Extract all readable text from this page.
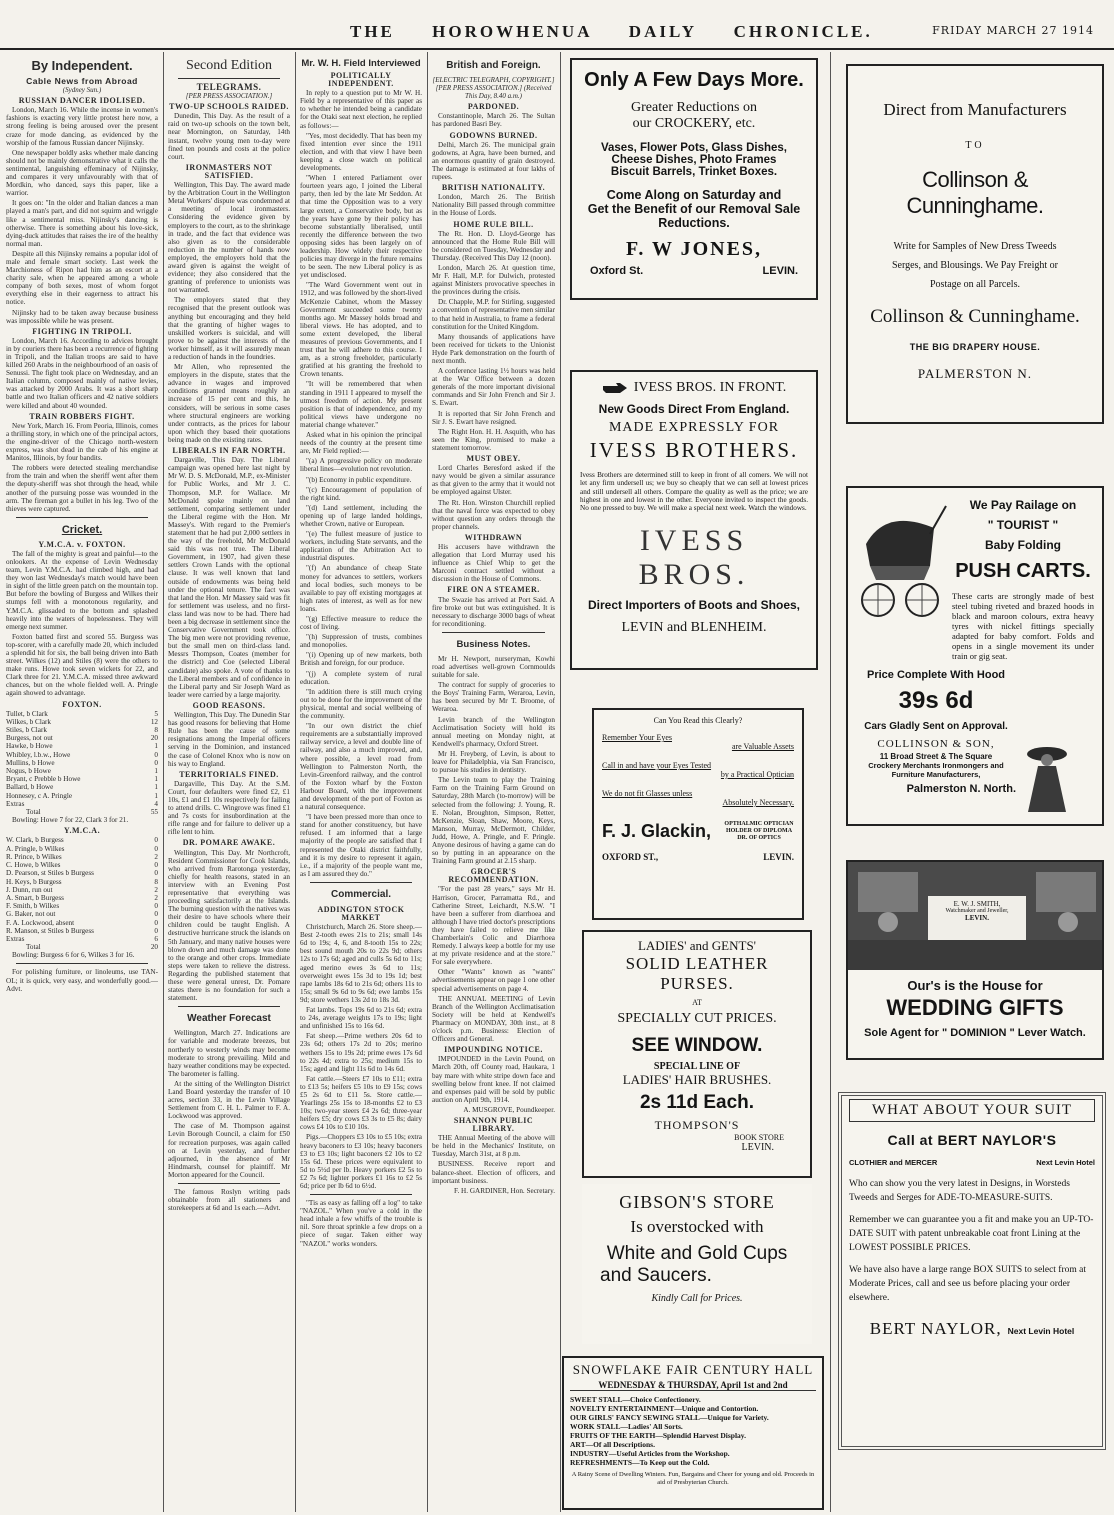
THE HOROWHENUA DAILY CHRONICLE.	FRIDAY MARCH 27 1914
By Independent.
Cable News from Abroad
(Sydney Sun.)
RUSSIAN DANCER IDOLISED.

London, March 16. While the incense in women's fashions is exacting very little protest here now, a strong feeling is being aroused over the present craze for mode dancing, as evidenced by the worship of the famous Russian dancer Nijinsky.

One newspaper boldly asks whether male dancing should not be mainly demonstrative what it calls the sentimental, languishing effeminacy of Nijinsky, and compares it very unfavourably with that of Mordkin, who danced, says this paper, like a warrior.

It goes on: "In the older and Italian dances a man played a man's part, and did not squirm and wriggle like a sentimental miss. Nijinsky's dancing is otherwise. There is something about his love-sick, dying-duck attitudes that raises the ire of the healthy normal man.

Despite all this Nijinsky remains a popular idol of male and female smart society. Last week the Marchioness of Ripon had him as an escort at a charity sale, when he appeared among a whole company of both sexes, most of whom forgot everything else in their eagerness to attract his notice.

Nijinsky had to be taken away because business was impossible while he was present.

FIGHTING IN TRIPOLI.

London, March 16. According to advices brought in by couriers there has been a recurrence of fighting in Tripoli, and the Italian troops are said to have killed 260 Arabs in the neighbourhood of an oasis of Senussi. The fight took place on Wednesday, and an Italian column, composed mainly of native levies, was attacked by 2000 Arabs. It was a short sharp battle and two Italian officers and 42 native soldiers were killed and about 40 wounded.

TRAIN ROBBERS FIGHT.

New York, March 16. From Peoria, Illinois, comes a thrilling story, in which one of the principal actors, the engine-driver of the Chicago north-western express, was shot dead in the cab of his engine at Manitos, Illinois, by four bandits.

The robbers were detected stealing merchandise from the train and when the sheriff went after them the deputy-sheriff was shot through the head, while another of the pursuing posse was wounded in the arm. The fireman got a bullet in his leg. Two of the thieves were captured.

Cricket.
Y.M.C.A. v. FOXTON.

The fall of the mighty is great and painful—to the onlookers. At the expense of Levin Wednesday team, Levin Y.M.C.A. had climbed high, and had they won last Wednesday's match would have been in sight of the little green patch on the mountain top. But before the bowling of Burgess and Wilkes their stumps fell with a monotonous regularity, and Y.M.C.A. glissaded to the bottom and splashed heavily into the waters of hopelessness. They will emerge next summer.

Foxton batted first and scored 55. Burgess was top-scorer, with a carefully made 20, which included a splendid hit for six, the ball being driven into Bath street. Wilkes (12) and Stiles (8) were the others to make runs. Howe took seven wickets for 22, and Clark three for 21. Y.M.C.A. missed three awkward chances, but on the whole fielded well. A. Pringle again showed to advantage.

FOXTON.
Tullet, b Clark	5
Wilkes, b Clark	12
Stiles, b Clark	8
Burgess, not out	20
Hawke, b Howe	1
Whibley, l.b.w., Howe	0
Mullins, b Howe	0
Nogus, b Howe	1
Bryant, c Prebble b Howe	1
Ballard, b Howe	1
Honnesey, c A. Pringle	1
Extras	4
Total	55

Bowling: Howe 7 for 22, Clark 3 for 21.

Y.M.C.A.
W. Clark, b Burgess	0
A. Pringle, b Wilkes	0
R. Prince, b Wilkes	2
C. Howe, b Wilkes	0
D. Pearson, st Stiles b Burgess	0
H. Keys, b Burgess	8
J. Dunn, run out	2
A. Smart, b Burgess	2
F. Smith, b Wilkes	0
G. Baker, not out	0
F. A. Lockwood, absent	0
R. Manson, st Stiles b Burgess	0
Extras	6
Total	20

Bowling: Burgess 6 for 6, Wilkes 3 for 16.

For polishing furniture, or linoleums, use TAN-OL; it is quick, very easy, and wonderfully good.—Advt.

Second Edition
TELEGRAMS.
[PER PRESS ASSOCIATION.]
TWO-UP SCHOOLS RAIDED.

Dunedin, This Day. As the result of a raid on two-up schools on the town belt, near Mornington, on Saturday, 14th instant, twelve young men to-day were fined ten pounds and costs at the police court.

IRONMASTERS NOT SATISFIED.

Wellington, This Day. The award made by the Arbitration Court in the Wellington Metal Workers' dispute was condemned at a meeting of local ironmasters. Considering the evidence given by employers to the court, as to the shrinkage in trade, and the fact that evidence was also given as to the considerable reduction in the number of hands now employed, the employers hold that the award given is against the weight of evidence; they also considered that the granting of preference to unionists was not warranted.

The employers stated that they recognised that the present outlook was anything but encouraging and they held that the granting of higher wages to unskilled workers is suicidal, and will prove to be against the interests of the worker himself, as it will assuredly mean a reduction of hands in the foundries.

Mr Allen, who represented the employers in the dispute, states that the advance in wages and improved conditions granted means roughly an increase of 15 per cent and this, he considers, will be serious in some cases where structural engineers are working under contracts, as the prices for labour upon which they based their quotations being made on the existing rates.

LIBERALS IN FAR NORTH.

Dargaville, This Day. The Liberal campaign was opened here last night by Mr W. D. S. McDonald, M.P., ex-Minister for Public Works, and Mr J. C. Thompson, M.P. for Wallace. Mr McDonald spoke mainly on land settlement, comparing settlement under the Liberal regime with the Hon. Mr Massey's. With regard to the Premier's statement that he had put 2,000 settlers in the way of the freehold, Mr McDonald said this was not true. The Liberal Government, in 1907, had given these settlers Crown Lands with the optional clause. It was well known that land outside of endowments was being held under the optional tenure. The fact was that land the Hon. Mr Massey said was fit for settlement was useless, and no first-class land was now to be had. There had been a big decrease in settlement since the Conservative Government took office. The big men were not providing revenue, but the small men on third-class land. Messrs Thompson, Coates (member for the district) and Coe (selected Liberal candidate) also spoke. A vote of thanks to the Liberal members and of confidence in the Liberal party and Sir Joseph Ward as leader were carried by a large majority.

GOOD REASONS.

Wellington, This Day. The Dunedin Star has good reasons for believing that Home Rule has been the cause of some resignations among the Imperial officers serving in the Dominion, and instanced the case of Colonel Knox who is now on his way to England.

TERRITORIALS FINED.

Dargaville, This Day. At the S.M. Court, four defaulters were fined £2, £1 10s, £1 and £1 10s respectively for failing to attend drills. C. Wingrove was fined £1 and 7s costs for insubordination at the rifle range and for failure to deliver up a rifle lent to him.

DR. POMARE AWAKE.

Wellington, This Day. Mr Northcroft, Resident Commissioner for Cook Islands, who arrived from Rarotonga yesterday, chiefly for health reasons, stated in an interview with an Evening Post representative that everything was proceeding satisfactorily at the Islands. The burning question with the natives was their desire to have schools where their children could be taught English. A destructive hurricane struck the islands on 5th January, and many native houses were blown down and much damage was done to the orange and other crops. Immediate steps were taken to relieve the distress. Regarding the published statement that these were general unrest, Dr. Pomare states there is no foundation for such a statement.

Weather Forecast

Wellington, March 27. Indications are for variable and moderate breezes, but northerly to westerly winds may become moderate to strong prevailing. Mild and hazy weather conditions may be expected. The barometer is falling.

At the sitting of the Wellington District Land Board yesterday the transfer of 10 acres, section 33, in the Levin Village Settlement from C. H. L. Palmer to F. A. Lockwood was approved.

The case of M. Thompson against Levin Borough Council, a claim for £50 for recreation purposes, was again called on at Levin yesterday, and further adjourned, in the absence of Mr Hindmarsh, counsel for plaintiff. Mr Morton appeared for the Council.

The famous Roslyn writing pads obtainable from all stationers and storekeepers at 6d and 1s each.—Advt.

Mr. W. H. Field Interviewed
POLITICALLY INDEPENDENT.

In reply to a question put to Mr W. H. Field by a representative of this paper as to whether he intended being a candidate for the Otaki seat next election, he replied as follows:—

"Yes, most decidedly. That has been my fixed intention ever since the 1911 election, and with that view I have been keeping a close watch on political developments.

"When I entered Parliament over fourteen years ago, I joined the Liberal party, then led by the late Mr Seddon. At that time the Opposition was to a very large extent, a Conservative body, but as the years have gone by their policy has become substantially liberalised, until recently the difference between the two opposing sides has been largely on of leadership. How widely their respective policies may diverge in the future remains to be seen. The new Liberal policy is as yet undisclosed.

"The Ward Government went out in 1912, and was followed by the short-lived McKenzie Cabinet, whom the Massey Government succeeded some twenty months ago. Mr Massey holds broad and liberal views. He has adopted, and to some extent developed, the liberal measures of previous Governments, and I trust that he will adhere to this course. I am, as a strong freeholder, particularly gratified at his granting the freehold to Crown tenants.

"It will be remembered that when standing in 1911 I appeared to myself the utmost freedom of action. My present position is that of independence, and my political views have undergone no material change whatever."

Asked what in his opinion the principal needs of the country at the present time are, Mr Field replied:—

"(a) A progressive policy on moderate liberal lines—evolution not revolution.

"(b) Economy in public expenditure.

"(c) Encouragement of population of the right kind.

"(d) Land settlement, including the opening up of large landed holdings, whether Crown, native or European.

"(e) The fullest measure of justice to workers, including State servants, and the application of the Arbitration Act to industrial disputes.

"(f) An abundance of cheap State money for advances to settlers, workers and local bodies, such moneys to be available to pay off existing mortgages at high rates of interest, as well as for new loans.

"(g) Effective measure to reduce the cost of living.

"(h) Suppression of trusts, combines and monopolies.

"(i) Opening up of new markets, both British and foreign, for our produce.

"(j) A complete system of rural education.

"In addition there is still much crying out to be done for the improvement of the physical, mental and social wellbeing of the community.

"In our own district the chief requirements are a substantially improved railway service, a level and double line of railway, and also a much improved, and, where possible, a level road from Wellington to Palmerston North, the Levin-Greenford railway, and the control of the Foxton wharf by the Foxton Harbour Board, with the improvement and development of the port of Foxton as a natural consequence.

"I have been pressed more than once to stand for another constituency, but have refused. I am informed that a large majority of the people are satisfied that I represented the Otaki district faithfully, and it is my desire to represent it again, i.e., if a majority of the people want me, as I am assured they do."

Commercial.
ADDINGTON STOCK MARKET

Christchurch, March 26. Store sheep.—Best 2-tooth ewes 21s to 21s; small 14s 6d to 19s; 4, 6, and 8-tooth 15s to 22s; best sound mouth 20s to 22s 9d; others 12s to 17s 6d; aged and culls 5s 6d to 11s; aged merino ewes 3s 6d to 11s; overweight ewes 15s 3d to 19s 1d; best rape lambs 18s 6d to 21s 6d; others 11s to 15s; small 9s 6d to 9s 6d; ewe lambs 15s 9d; store wethers 13s 2d to 18s 3d.

Fat lambs. Tops 19s 6d to 21s 6d; extra to 24s, average weights 17s to 19s; light and unfinished 15s to 16s 6d.

Fat sheep.—Prime wethers 20s 6d to 23s 6d; others 17s 2d to 20s; merino wethers 15s to 19s 2d; prime ewes 17s 6d to 22s 4d; extra to 25s; medium 15s to 15s; aged and light 11s 6d to 14s 6d.

Fat cattle.—Steers £7 10s to £11; extra to £13 5s; heifers £5 10s to £9 15s; cows £5 2s 6d to £11 5s. Store cattle.—Yearlings 25s 15s to 18-months £2 to £3 10s; two-year steers £4 2s 6d; three-year heifers £5; dry cows £3 3s to £5 8s; dairy cows £4 10s to £10 10s.

Pigs.—Choppers £3 10s to £5 10s; extra heavy baconers to £3 10s; heavy baconers £3 to £3 10s; light baconers £2 10s to £2 15s 6d. These prices were equivalent to 5d to 5½d per lb. Heavy porkers £2 5s to £2 7s 6d; lighter porkers £1 16s to £2 5s 6d; price per lb 6d to 6½d.

"Tis as easy as falling off a log" to take "NAZOL." When you've a cold in the head inhale a few whiffs of the trouble is nil. Sore throat sprinkle a few drops on a piece of sugar. Taken either way "NAZOL" works wonders.

British and Foreign.
[ELECTRIC TELEGRAPH, COPYRIGHT.] [PER PRESS ASSOCIATION.] (Received This Day, 8.40 a.m.)
PARDONED.

Constantinople, March 26. The Sultan has pardoned Basri Bey.

GODOWNS BURNED.

Delhi, March 26. The municipal grain godowns, at Agra, have been burned, and an enormous quantity of grain destroyed. The damage is estimated at four lakhs of rupees.

BRITISH NATIONALITY.

London, March 26. The British Nationality Bill passed through committee in the House of Lords.

HOME RULE BILL.

The Rt. Hon. D. Lloyd-George has announced that the Home Rule Bill will be considered on Tuesday, Wednesday and Thursday. (Received This Day 12 (noon).

London, March 26. At question time, Mr F. Hall, M.P. for Dulwich, protested against Ministers provocative speeches in the provinces during the crisis.

Dr. Chapple, M.P. for Stirling, suggested a convention of representative men similar to that held in Australia, to frame a federal constitution for the United Kingdom.

Many thousands of applications have been received for tickets to the Unionist Hyde Park demonstration on the fourth of next month.

A conference lasting 1½ hours was held at the War Office between a dozen generals of the more important divisional commands and Sir John French and Sir J. S. Ewart.

It is reported that Sir John French and Sir J. S. Ewart have resigned.

The Right Hon. H. H. Asquith, who has seen the King, promised to make a statement tomorrow.

MUST OBEY.

Lord Charles Beresford asked if the navy would be given a similar assurance as that given to the army that it would not be employed against Ulster.

The Rt. Hon. Winston Churchill replied that the naval force was expected to obey without question any orders through the proper channels.

WITHDRAWN

His accusers have withdrawn the allegation that Lord Murray used his influence as Chief Whip to get the Marconi contract settled without a discussion in the House of Commons.

FIRE ON A STEAMER.

The Swazie has arrived at Port Said. A fire broke out but was extinguished. It is necessary to discharge 3000 bags of wheat for reconditioning.

Business Notes.

Mr H. Newport, nurseryman, Kowhi road advertises well-grown Cornmoulds suitable for sale.

The contract for supply of groceries to the Boys' Training Farm, Weraroa, Levin, has been secured by Mr T. Broome, of Weraroa.

Levin branch of the Wellington Acclimatisation Society will hold its annual meeting on Monday night, at Kendwell's pharmacy, Oxford Street.

Mr H. Freyberg, of Levin, is about to leave for Philadelphia, via San Francisco, to pursue his studies in dentistry.

The Levin team to play the Training Farm on the Training Farm Ground on Saturday, 28th March (to-morrow) will be selected from the following: J. Young, R. E. Nolan, Broughton, Simpson, Retter, McKenzie, Sloan, Shaw, Moore, Keys, Manson, Murray, McDermott, Childer, Judd, Howe, A. Pringle, and F. Pringle. Anyone desirous of having a game can do so by putting in an appearance on the Training Farm ground at 2.15 sharp.

GROCER'S RECOMMENDATION.

"For the past 28 years," says Mr H. Harrison, Grocer, Parramatta Rd., and Catherine Street, Leichardt, N.S.W. "I have been a sufferer from diarrhoea and although I have tried doctor's prescriptions they have failed to relieve me like Chamberlain's Colic and Diarrhoea Remedy. I always keep a bottle for my use at my private residence and at the store." For sale everywhere.

Other "Wants" known as "wants" advertisements appear on page 1 one other special advertisements on page 4.

THE ANNUAL MEETING of Levin Branch of the Wellington Acclimatisation Society will be held at Kendwell's Pharmacy on MONDAY, 30th inst., at 8 o'clock p.m. Business: Election of Officers and General.

IMPOUNDING NOTICE.

IMPOUNDED in the Levin Pound, on March 20th, off County road, Haukara, 1 bay mare with white stripe down face and swelling below front knee. If not claimed and expenses paid will be sold by public auction on April 9th, 1914.

A. MUSGROVE, Poundkeeper.

SHANNON PUBLIC LIBRARY.

THE Annual Meeting of the above will be held in the Mechanics' Institute, on Tuesday, March 31st, at 8 p.m.

BUSINESS. Receive report and balance-sheet. Election of officers, and important business.

F. H. GARDINER, Hon. Secretary.

Only A Few Days More.
Greater Reductions on
our CROCKERY, etc.
Vases, Flower Pots, Glass Dishes,
Cheese Dishes, Photo Frames
Biscuit Barrels, Trinket Boxes.
Come Along on Saturday and
Get the Benefit of our Removal Sale Reductions.
F. W JONES,
Oxford St.	LEVIN.
IVESS BROS. IN FRONT.
New Goods Direct From England.
MADE EXPRESSLY FOR
IVESS BROTHERS.
Ivess Brothers are determined still to keep in front of all comers. We will not let any firm undersell us; we buy so cheaply that we can sell at lowest prices and still undersell all others. Compare the quality as well as the price; we are highest in one and lowest in the other. Everyone invited to inspect the goods. No one pressed to buy. We will make a special next week. Watch the windows.
IVESS BROS.
Direct Importers of Boots and Shoes,
LEVIN and BLENHEIM.
Can You Read this Clearly?
Remember Your Eyes
are Valuable Assets
Call in and have your Eyes Tested
by a Practical Optician
We do not fit Glasses unless
Absolutely Necessary.
F. J. Glackin, OPTHALMIC OPTICIAN HOLDER OF DIPLOMA DR. OF OPTICS
OXFORD ST.,	LEVIN.
LADIES' and GENTS'
SOLID LEATHER PURSES.
AT
SPECIALLY CUT PRICES.
SEE WINDOW.
SPECIAL LINE OF
LADIES' HAIR BRUSHES.
2s 11d Each.
THOMPSON'S
BOOK STORE
LEVIN.
GIBSON'S STORE
Is overstocked with
White and Gold Cups
and Saucers.
Kindly Call for Prices.
SNOWFLAKE FAIR CENTURY HALL
WEDNESDAY & THURSDAY, April 1st and 2nd
SWEET STALL—Choice Confectionery.
NOVELTY ENTERTAINMENT—Unique and Contortion.
OUR GIRLS' FANCY SEWING STALL—Unique for Variety.
WORK STALL—Ladies' All Sorts.
FRUITS OF THE EARTH—Splendid Harvest Display.
ART—Of all Descriptions.
INDUSTRY—Useful Articles from the Workshop.
REFRESHMENTS—To Keep out the Cold.
A Rainy Scene of Dwelling Winters. Fun, Bargains and Cheer for young and old. Proceeds in aid of Presbyterian Church.
Direct from Manufacturers
TO
Collinson & Cunninghame.
Write for Samples of New Dress Tweeds
Serges, and Blousings. We Pay Freight or
Postage on all Parcels.
Collinson & Cunninghame.
THE BIG DRAPERY HOUSE.
PALMERSTON N.
We Pay Railage on
" TOURIST "
Baby Folding
PUSH CARTS.
These carts are strongly made of best steel tubing riveted and brazed hoods in black and maroon colours, extra heavy tyres with nickel fittings specially adapted for baby comfort. Folds and opens in a single movement its under train or gig seat.
Price Complete With Hood
39s 6d
Cars Gladly Sent on Approval.
COLLINSON & SON,
11 Broad Street & The Square
Crockery Merchants Ironmongers and
Furniture Manufacturers,
Palmerston N. North.
E. W. J. SMITH,
Watchmaker and Jeweller,
LEVIN.
Our's is the House for
WEDDING GIFTS
Sole Agent for " DOMINION " Lever Watch.
WHAT ABOUT YOUR SUIT
Call at BERT NAYLOR'S
CLOTHIER and MERCER	Next Levin Hotel
Who can show you the very latest in Designs, in Worsteds Tweeds and Serges for ADE-TO-MEASURE-SUITS.
Remember we can guarantee you a fit and make you an UP-TO-DATE SUIT with patent unbreakable coat front Lining at the LOWEST POSSIBLE PRICES.
We have also have a large range BOX SUITS to select from at Moderate Prices, call and see us before placing your order elsewhere.
BERT NAYLOR, Next Levin Hotel
